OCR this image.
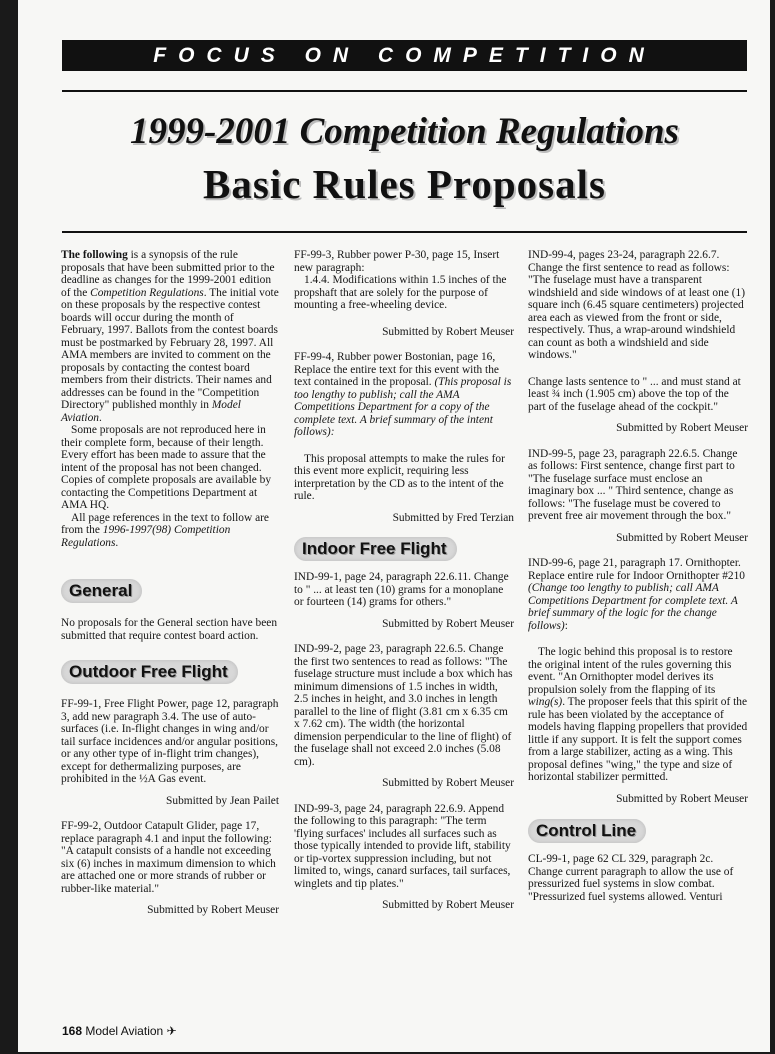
FOCUS ON COMPETITION
1999-2001 Competition Regulations
Basic Rules Proposals

The following is a synopsis of the rule proposals that have been submitted prior to the deadline as changes for the 1999-2001 edition of the Competition Regulations. The initial vote on these proposals by the respective contest boards will occur during the month of February, 1997. Ballots from the contest boards must be postmarked by February 28, 1997. All AMA members are invited to comment on the proposals by contacting the contest board members from their districts. Their names and addresses can be found in the "Competition Directory" published monthly in Model Aviation.

Some proposals are not reproduced here in their complete form, because of their length. Every effort has been made to assure that the intent of the proposal has not been changed. Copies of complete proposals are available by contacting the Competitions Department at AMA HQ.

All page references in the text to follow are from the 1996-1997(98) Competition Regulations.

General

No proposals for the General section have been submitted that require contest board action.

Outdoor Free Flight

FF-99-1, Free Flight Power, page 12, paragraph 3, add new paragraph 3.4. The use of auto-surfaces (i.e. In-flight changes in wing and/or tail surface incidences and/or angular positions, or any other type of in-flight trim changes), except for dethermalizing purposes, are prohibited in the ½A Gas event.

Submitted by Jean Pailet

FF-99-2, Outdoor Catapult Glider, page 17, replace paragraph 4.1 and input the following: "A catapult consists of a handle not exceeding six (6) inches in maximum dimension to which are attached one or more strands of rubber or rubber-like material."

Submitted by Robert Meuser

FF-99-3, Rubber power P-30, page 15, Insert new paragraph:

1.4.4. Modifications within 1.5 inches of the propshaft that are solely for the purpose of mounting a free-wheeling device.

Submitted by Robert Meuser

FF-99-4, Rubber power Bostonian, page 16, Replace the entire text for this event with the text contained in the proposal. (This proposal is too lengthy to publish; call the AMA Competitions Department for a copy of the complete text. A brief summary of the intent follows):

This proposal attempts to make the rules for this event more explicit, requiring less interpretation by the CD as to the intent of the rule.

Submitted by Fred Terzian

Indoor Free Flight

IND-99-1, page 24, paragraph 22.6.11. Change to " ... at least ten (10) grams for a monoplane or fourteen (14) grams for others."

Submitted by Robert Meuser

IND-99-2, page 23, paragraph 22.6.5. Change the first two sentences to read as follows: "The fuselage structure must include a box which has minimum dimensions of 1.5 inches in width, 2.5 inches in height, and 3.0 inches in length parallel to the line of flight (3.81 cm x 6.35 cm x 7.62 cm). The width (the horizontal dimension perpendicular to the line of flight) of the fuselage shall not exceed 2.0 inches (5.08 cm).

Submitted by Robert Meuser

IND-99-3, page 24, paragraph 22.6.9. Append the following to this paragraph: "The term 'flying surfaces' includes all surfaces such as those typically intended to provide lift, stability or tip-vortex suppression including, but not limited to, wings, canard surfaces, tail surfaces, winglets and tip plates."

Submitted by Robert Meuser

IND-99-4, pages 23-24, paragraph 22.6.7. Change the first sentence to read as follows: "The fuselage must have a transparent windshield and side windows of at least one (1) square inch (6.45 square centimeters) projected area each as viewed from the front or side, respectively. Thus, a wrap-around windshield can count as both a windshield and side windows."

Change lasts sentence to " ... and must stand at least ¾ inch (1.905 cm) above the top of the part of the fuselage ahead of the cockpit."

Submitted by Robert Meuser

IND-99-5, page 23, paragraph 22.6.5. Change as follows: First sentence, change first part to "The fuselage surface must enclose an imaginary box ... " Third sentence, change as follows: "The fuselage must be covered to prevent free air movement through the box."

Submitted by Robert Meuser

IND-99-6, page 21, paragraph 17. Ornithopter. Replace entire rule for Indoor Ornithopter #210 (Change too lengthy to publish; call AMA Competitions Department for complete text. A brief summary of the logic for the change follows):

The logic behind this proposal is to restore the original intent of the rules governing this event. "An Ornithopter model derives its propulsion solely from the flapping of its wing(s). The proposer feels that this spirit of the rule has been violated by the acceptance of models having flapping propellers that provided little if any support. It is felt the support comes from a large stabilizer, acting as a wing. This proposal defines "wing," the type and size of horizontal stabilizer permitted.

Submitted by Robert Meuser

Control Line

CL-99-1, page 62 CL 329, paragraph 2c. Change current paragraph to allow the use of pressurized fuel systems in slow combat. "Pressurized fuel systems allowed. Venturi

168 Model Aviation ✈
